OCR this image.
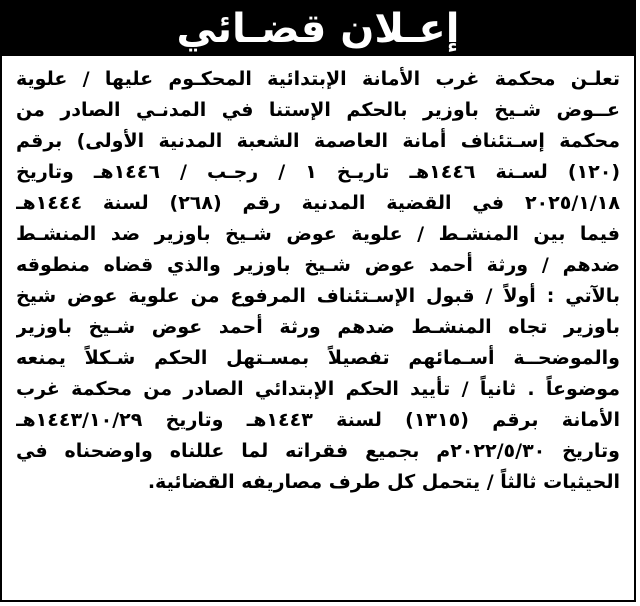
إعـلان قضـائي
تعلـن محكمة غرب الأمانة الإبتدائية المحكـوم عليها / علوية
عــوض شـيخ باوزير بالحكم الإستنا في المدنـي الصادر من
محكمة إسـتئناف أمانة العاصمة الشعبة المدنية الأولى) برقم
(١٢٠) لسـنة ١٤٤٦هـ تاريـخ ١ / رجـب / ١٤٤٦هـ وتاريخ
٢٠٢٥/١/١٨ في القضية المدنية رقم (٢٦٨) لسنة ١٤٤٤هـ
فيما بين المنشـط / علوية عوض شـيخ باوزير ضد المنشـط
ضدهم / ورثة أحمد عوض شـيخ باوزير والذي قضاه منطوقه
بالآتي : أولاً / قبول الإسـتئناف المرفوع من علوية عوض شيخ
باوزير تجاه المنشـط ضدهم ورثة أحمد عوض شـيخ باوزير
والموضحــة أسـمائهم تفصيلاً بمسـتهل الحكم شـكلاً يمنعه
موضوعاً . ثانياً / تأييد الحكم الإبتدائي الصادر من محكمة غرب
الأمانة برقم (١٣١٥) لسنة ١٤٤٣هـ وتاريخ ١٤٤٣/١٠/٢٩هـ
وتاريخ ٢٠٢٢/٥/٣٠م بجميع فقراته لما عللناه واوضحناه في
الحيثيات ثالثاً / يتحمل كل طرف مصاريفه القضائية.
